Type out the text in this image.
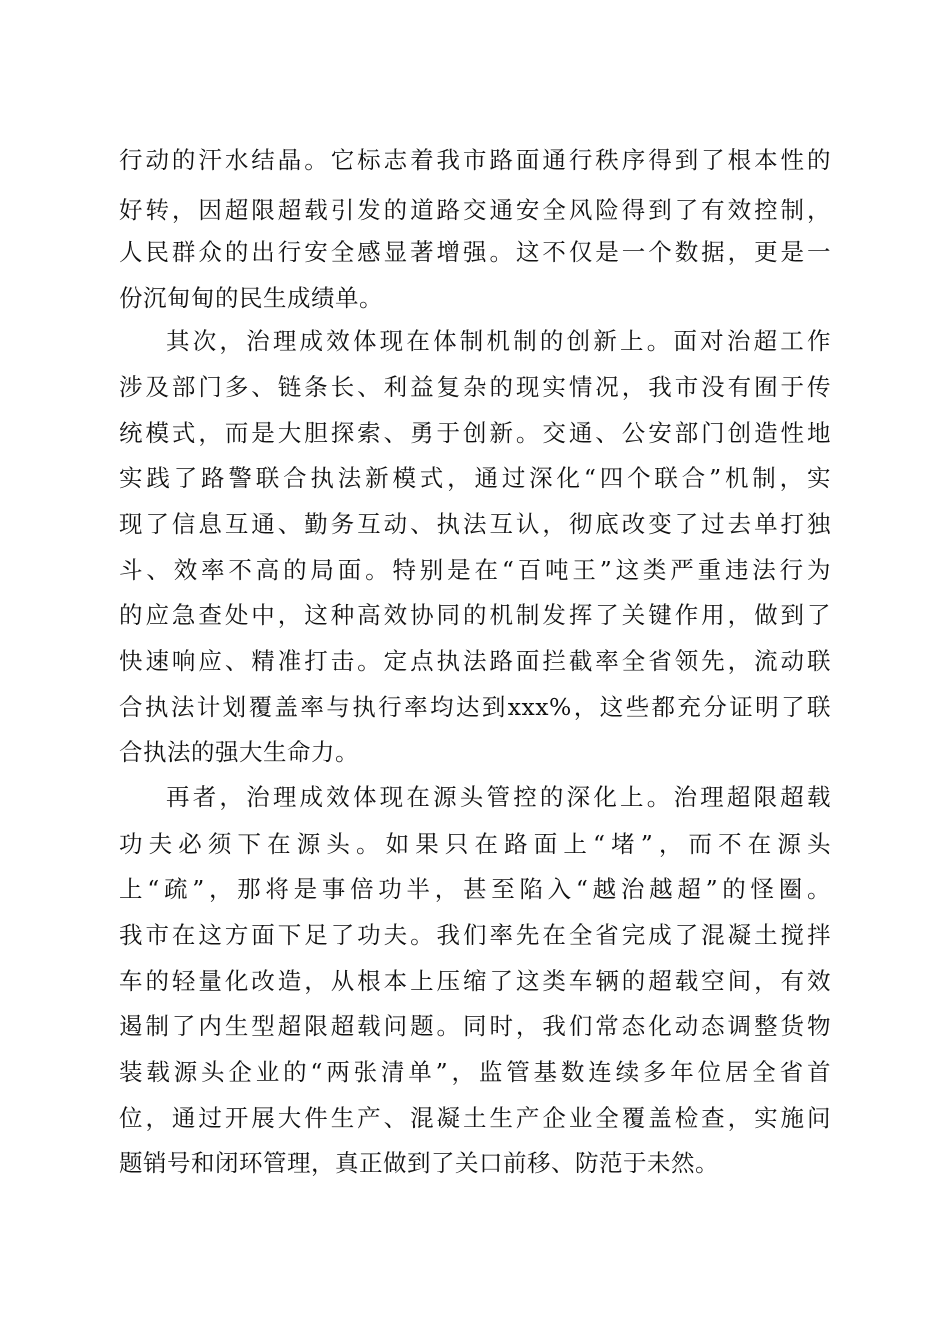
行动的汗水结晶。它标志着我市路面通行秩序得到了根本性的
好转，因超限超载引发的道路交通安全风险得到了有效控制，
人民群众的出行安全感显著增强。这不仅是一个数据，更是一
份沉甸甸的民生成绩单。
其次，治理成效体现在体制机制的创新上。面对治超工作
涉及部门多、链条长、利益复杂的现实情况，我市没有囿于传
统模式，而是大胆探索、勇于创新。交通、公安部门创造性地
实践了路警联合执法新模式，通过深化“四个联合”机制，实
现了信息互通、勤务互动、执法互认，彻底改变了过去单打独
斗、效率不高的局面。特别是在“百吨王”这类严重违法行为
的应急查处中，这种高效协同的机制发挥了关键作用，做到了
快速响应、精准打击。定点执法路面拦截率全省领先，流动联
合执法计划覆盖率与执行率均达到xxx%，这些都充分证明了联
合执法的强大生命力。
再者，治理成效体现在源头管控的深化上。治理超限超载
功夫必须下在源头。如果只在路面上“堵”，而不在源头
上“疏”，那将是事倍功半，甚至陷入“越治越超”的怪圈。
我市在这方面下足了功夫。我们率先在全省完成了混凝土搅拌
车的轻量化改造，从根本上压缩了这类车辆的超载空间，有效
遏制了内生型超限超载问题。同时，我们常态化动态调整货物
装载源头企业的“两张清单”，监管基数连续多年位居全省首
位，通过开展大件生产、混凝土生产企业全覆盖检查，实施问
题销号和闭环管理，真正做到了关口前移、防范于未然。
